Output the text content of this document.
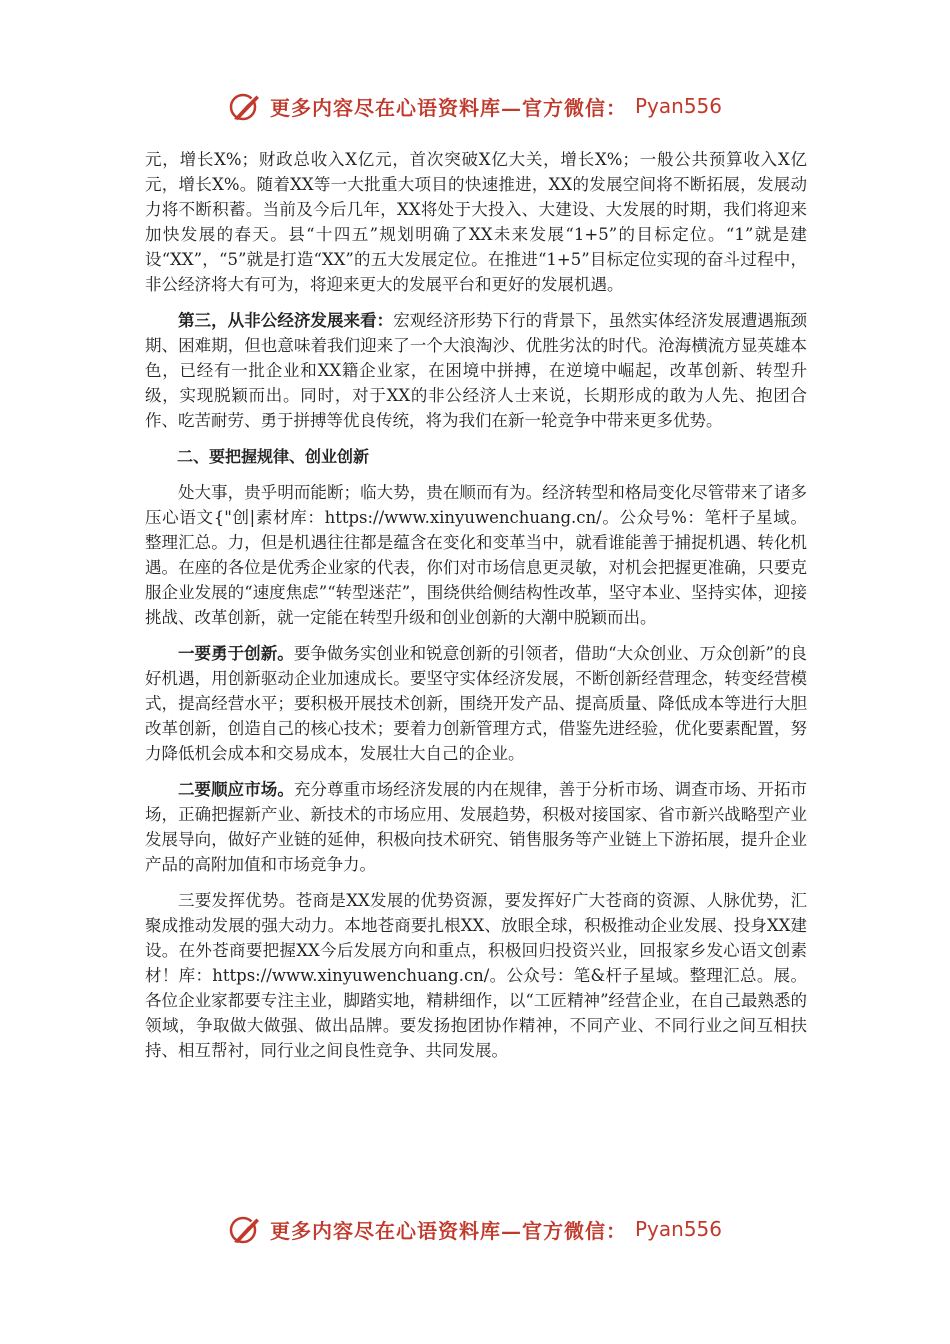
更多内容尽在心语资料库—官方微信： Pyan556

元，增长X%；财政总收入X亿元，首次突破X亿大关，增长X%；一般公共预算收入X亿元，增长X%。随着XX等一大批重大项目的快速推进，XX的发展空间将不断拓展，发展动力将不断积蓄。当前及今后几年，XX将处于大投入、大建设、大发展的时期，我们将迎来加快发展的春天。县“十四五”规划明确了XX未来发展“1+5”的目标定位。“1”就是建设“XX”，“5”就是打造“XX”的五大发展定位。在推进“1+5”目标定位实现的奋斗过程中，非公经济将大有可为，将迎来更大的发展平台和更好的发展机遇。

第三，从非公经济发展来看：宏观经济形势下行的背景下，虽然实体经济发展遭遇瓶颈期、困难期，但也意味着我们迎来了一个大浪淘沙、优胜劣汰的时代。沧海横流方显英雄本色，已经有一批企业和XX籍企业家，在困境中拼搏，在逆境中崛起，改革创新、转型升级，实现脱颖而出。同时，对于XX的非公经济人士来说，长期形成的敢为人先、抱团合作、吃苦耐劳、勇于拼搏等优良传统，将为我们在新一轮竞争中带来更多优势。

二、要把握规律、创业创新

处大事，贵乎明而能断；临大势，贵在顺而有为。经济转型和格局变化尽管带来了诸多压心语文{"创|素材库：https://www.xinyuwenchuang.cn/。公众号%：笔杆子星域。整理汇总。力，但是机遇往往都是蕴含在变化和变革当中，就看谁能善于捕捉机遇、转化机遇。在座的各位是优秀企业家的代表，你们对市场信息更灵敏，对机会把握更准确，只要克服企业发展的“速度焦虑”“转型迷茫”，围绕供给侧结构性改革，坚守本业、坚持实体，迎接挑战、改革创新，就一定能在转型升级和创业创新的大潮中脱颖而出。

一要勇于创新。要争做务实创业和锐意创新的引领者，借助“大众创业、万众创新”的良好机遇，用创新驱动企业加速成长。要坚守实体经济发展，不断创新经营理念，转变经营模式，提高经营水平；要积极开展技术创新，围绕开发产品、提高质量、降低成本等进行大胆改革创新，创造自己的核心技术；要着力创新管理方式，借鉴先进经验，优化要素配置，努力降低机会成本和交易成本，发展壮大自己的企业。

二要顺应市场。充分尊重市场经济发展的内在规律，善于分析市场、调查市场、开拓市场，正确把握新产业、新技术的市场应用、发展趋势，积极对接国家、省市新兴战略型产业发展导向，做好产业链的延伸，积极向技术研究、销售服务等产业链上下游拓展，提升企业产品的高附加值和市场竞争力。

三要发挥优势。苍商是XX发展的优势资源，要发挥好广大苍商的资源、人脉优势，汇聚成推动发展的强大动力。本地苍商要扎根XX、放眼全球，积极推动企业发展、投身XX建设。在外苍商要把握XX今后发展方向和重点，积极回归投资兴业，回报家乡发心语文创素材！库：https://www.xinyuwenchuang.cn/。公众号：笔&杆子星域。整理汇总。展。各位企业家都要专注主业，脚踏实地，精耕细作，以“工匠精神”经营企业，在自己最熟悉的领域，争取做大做强、做出品牌。要发扬抱团协作精神，不同产业、不同行业之间互相扶持、相互帮衬，同行业之间良性竞争、共同发展。

更多内容尽在心语资料库—官方微信： Pyan556
